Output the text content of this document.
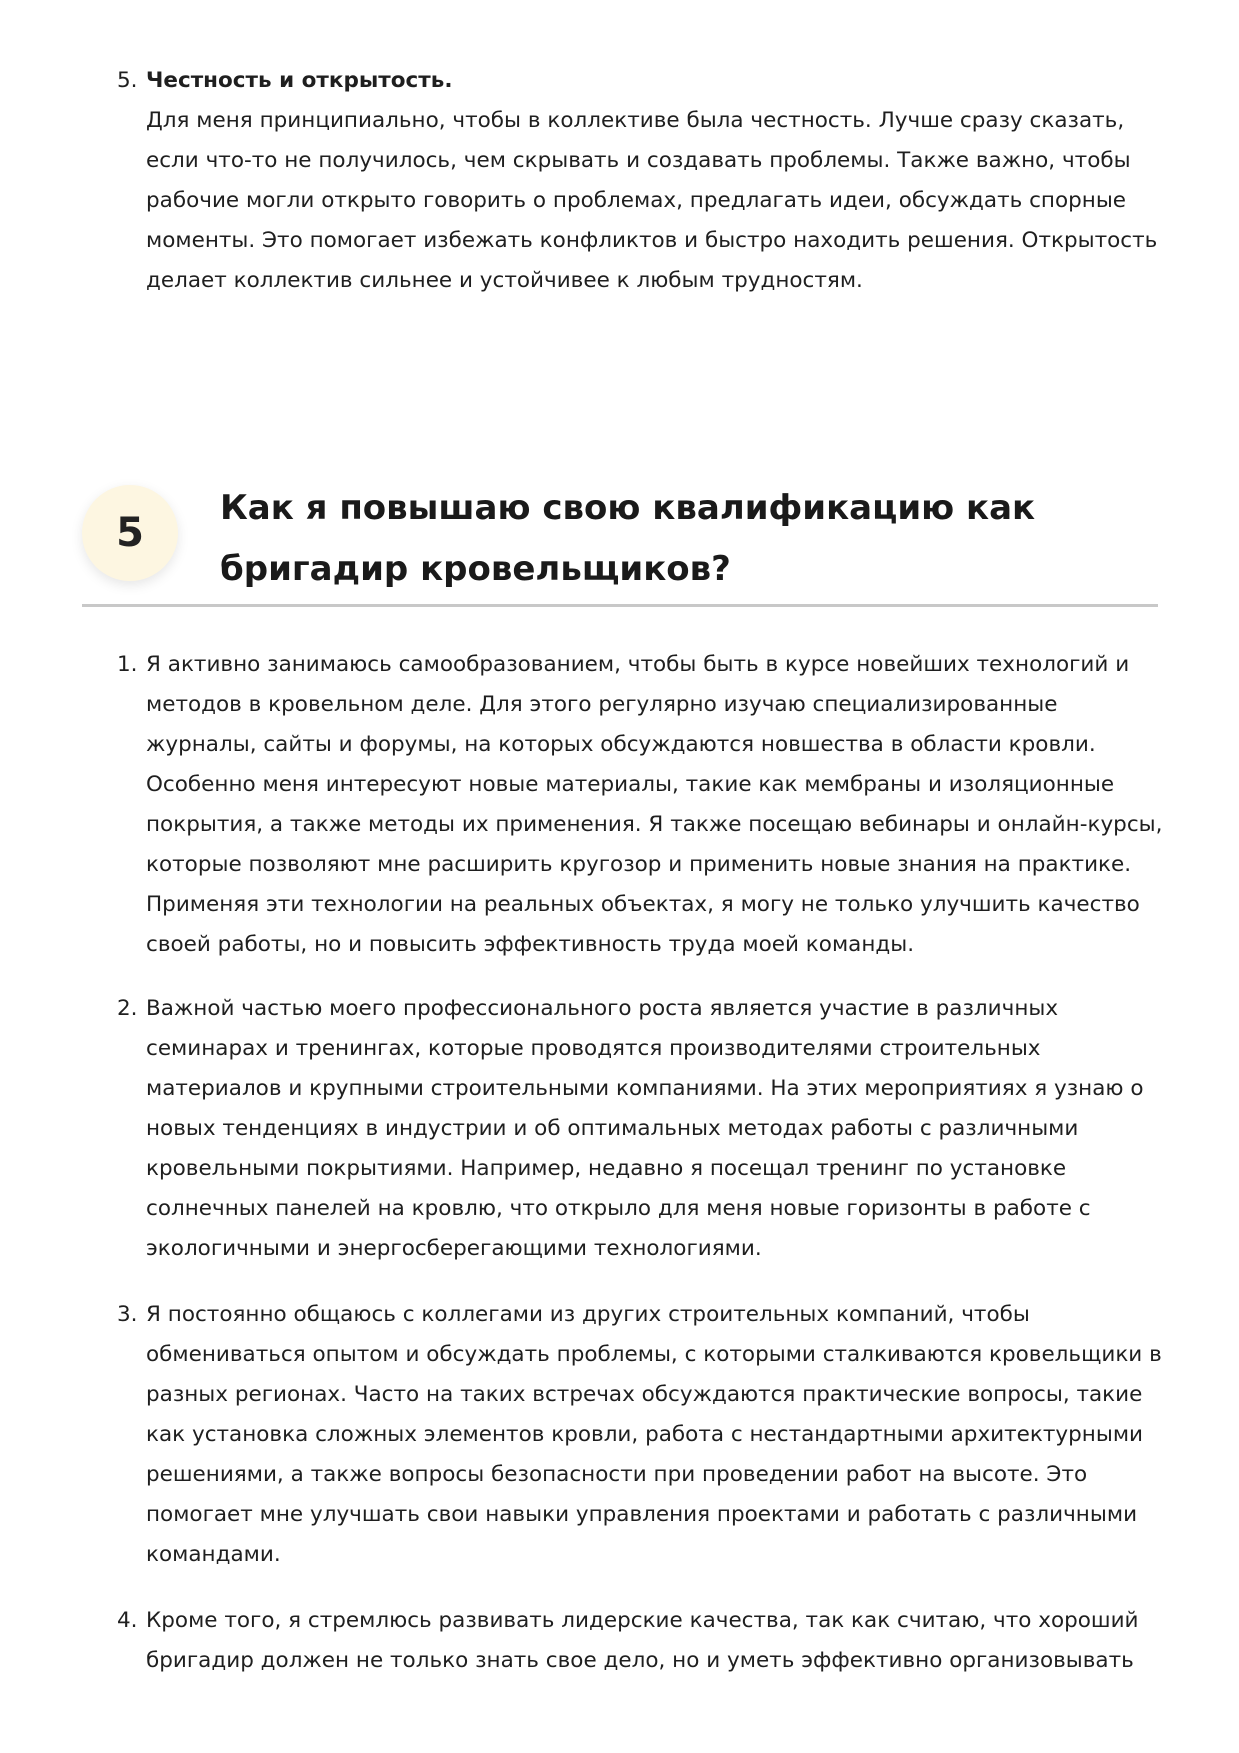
5. Честность и открытость.
Для меня принципиально, чтобы в коллективе была честность. Лучше сразу сказать, если что-то не получилось, чем скрывать и создавать проблемы. Также важно, чтобы рабочие могли открыто говорить о проблемах, предлагать идеи, обсуждать спорные моменты. Это помогает избежать конфликтов и быстро находить решения. Открытость делает коллектив сильнее и устойчивее к любым трудностям.
5
Как я повышаю свою квалификацию как бригадир кровельщиков?
1. Я активно занимаюсь самообразованием, чтобы быть в курсе новейших технологий и методов в кровельном деле. Для этого регулярно изучаю специализированные журналы, сайты и форумы, на которых обсуждаются новшества в области кровли. Особенно меня интересуют новые материалы, такие как мембраны и изоляционные покрытия, а также методы их применения. Я также посещаю вебинары и онлайн-курсы, которые позволяют мне расширить кругозор и применить новые знания на практике. Применяя эти технологии на реальных объектах, я могу не только улучшить качество своей работы, но и повысить эффективность труда моей команды.
2. Важной частью моего профессионального роста является участие в различных семинарах и тренингах, которые проводятся производителями строительных материалов и крупными строительными компаниями. На этих мероприятиях я узнаю о новых тенденциях в индустрии и об оптимальных методах работы с различными кровельными покрытиями. Например, недавно я посещал тренинг по установке солнечных панелей на кровлю, что открыло для меня новые горизонты в работе с экологичными и энергосберегающими технологиями.
3. Я постоянно общаюсь с коллегами из других строительных компаний, чтобы обмениваться опытом и обсуждать проблемы, с которыми сталкиваются кровельщики в разных регионах. Часто на таких встречах обсуждаются практические вопросы, такие как установка сложных элементов кровли, работа с нестандартными архитектурными решениями, а также вопросы безопасности при проведении работ на высоте. Это помогает мне улучшать свои навыки управления проектами и работать с различными командами.
4. Кроме того, я стремлюсь развивать лидерские качества, так как считаю, что хороший бригадир должен не только знать свое дело, но и уметь эффективно организовывать
